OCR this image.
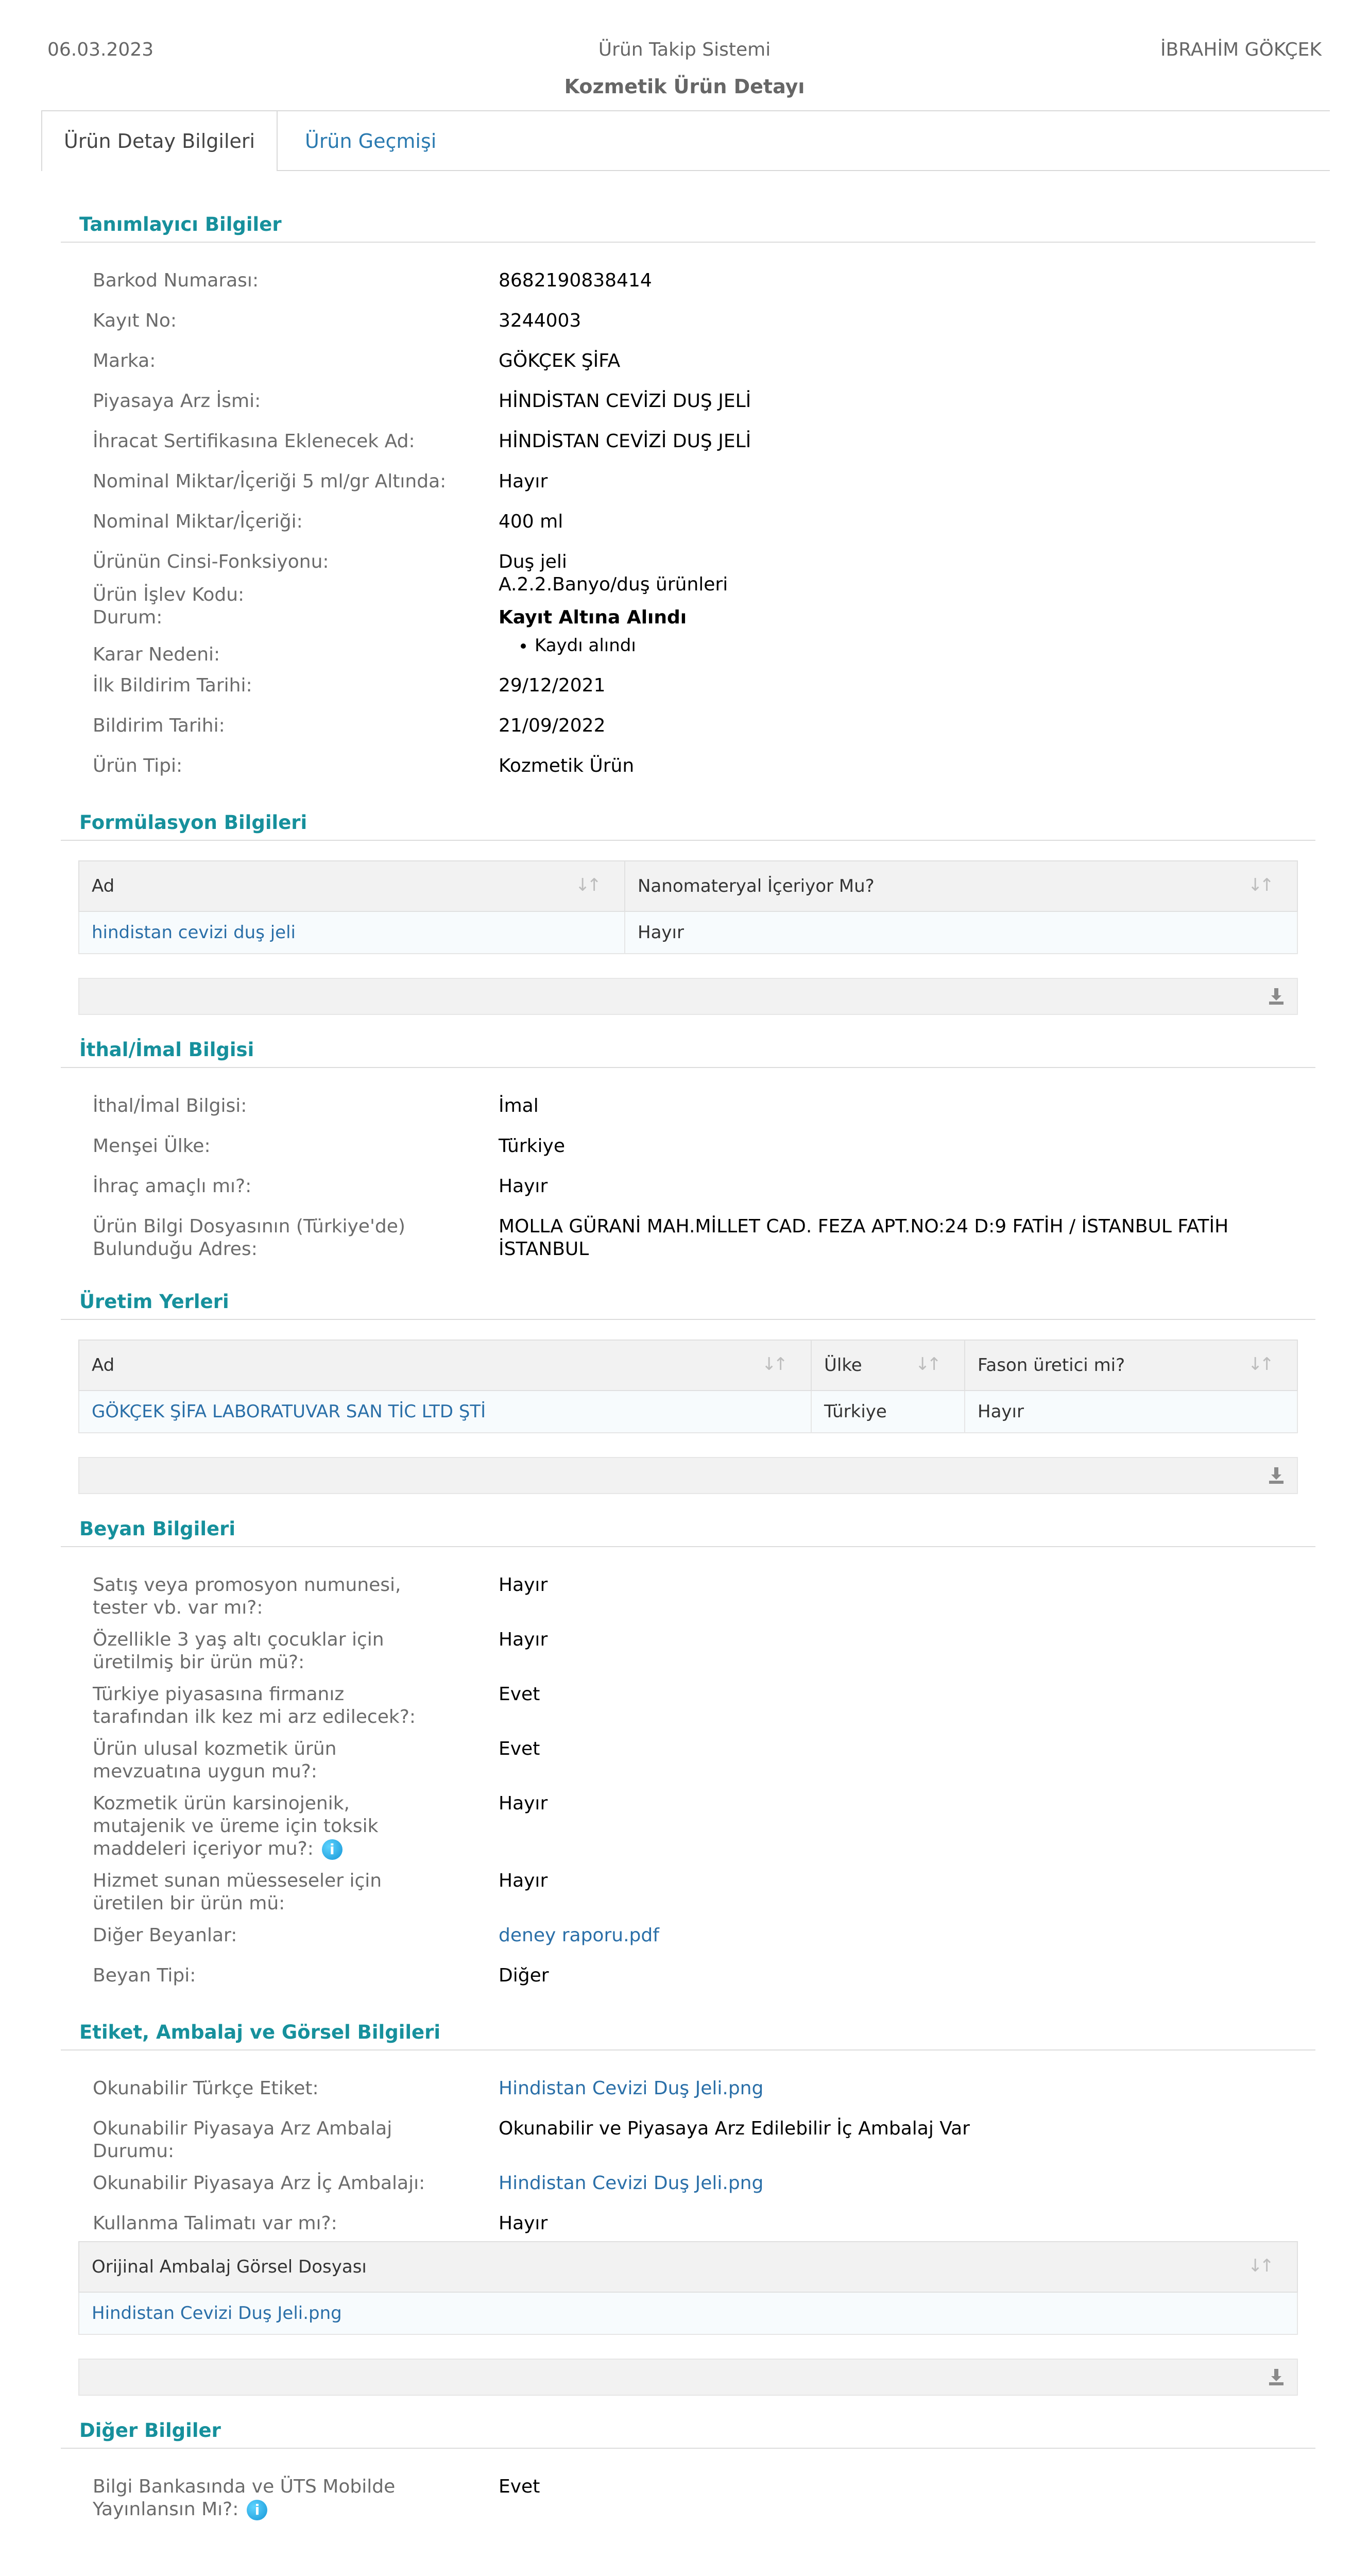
06.03.2023	Ürün Takip Sistemi	İBRAHİM GÖKÇEK
Kozmetik Ürün Detayı
Ürün Detay Bilgileri	Ürün Geçmişi
Tanımlayıcı Bilgiler
Barkod Numarası:	8682190838414
Kayıt No:	3244003
Marka:	GÖKÇEK ŞİFA
Piyasaya Arz İsmi:	HİNDİSTAN CEVİZİ DUŞ JELİ
İhracat Sertifikasına Eklenecek Ad:	HİNDİSTAN CEVİZİ DUŞ JELİ
Nominal Miktar/İçeriği 5 ml/gr Altında:	Hayır
Nominal Miktar/İçeriği:	400 ml
Ürünün Cinsi-Fonksiyonu:	Duş jeli
Ürün İşlev Kodu:	A.2.2.Banyo/duş ürünleri
Durum:	Kayıt Altına Alındı
Karar Nedeni:	• Kaydı alındı
İlk Bildirim Tarihi:	29/12/2021
Bildirim Tarihi:	21/09/2022
Ürün Tipi:	Kozmetik Ürün
Formülasyon Bilgileri
Ad ↓↑	Nanomateryal İçeriyor Mu? ↓↑

hindistan cevizi duş jeli	Hayır
İthal/İmal Bilgisi
İthal/İmal Bilgisi:	İmal
Menşei Ülke:	Türkiye
İhraç amaçlı mı?:	Hayır
Ürün Bilgi Dosyasının (Türkiye'de) Bulunduğu Adres:
MOLLA GÜRANİ MAH.MİLLET CAD. FEZA APT.NO:24 D:9 FATİH / İSTANBUL FATİH İSTANBUL
Üretim Yerleri
Ad ↓↑	Ülke ↓↑	Fason üretici mi? ↓↑

GÖKÇEK ŞİFA LABORATUVAR SAN TİC LTD ŞTİ	Türkiye	Hayır
Beyan Bilgileri
Satış veya promosyon numunesi, tester vb. var mı?:
Hayır
Özellikle 3 yaş altı çocuklar için üretilmiş bir ürün mü?:
Hayır
Türkiye piyasasına firmanız tarafından ilk kez mi arz edilecek?:
Evet
Ürün ulusal kozmetik ürün mevzuatına uygun mu?:
Evet
Kozmetik ürün karsinojenik, mutajenik ve üreme için toksik maddeleri içeriyor mu?: i
Hayır
Hizmet sunan müesseseler için üretilen bir ürün mü:
Hayır
Diğer Beyanlar:	deney raporu.pdf
Beyan Tipi:	Diğer
Etiket, Ambalaj ve Görsel Bilgileri
Okunabilir Türkçe Etiket:	Hindistan Cevizi Duş Jeli.png
Okunabilir Piyasaya Arz Ambalaj Durumu:
Okunabilir ve Piyasaya Arz Edilebilir İç Ambalaj Var
Okunabilir Piyasaya Arz İç Ambalajı:	Hindistan Cevizi Duş Jeli.png
Kullanma Talimatı var mı?:	Hayır
Orijinal Ambalaj Görsel Dosyası	↓↑

Hindistan Cevizi Duş Jeli.png
Diğer Bilgiler
Bilgi Bankasında ve ÜTS Mobilde Yayınlansın Mı?: i
Evet
